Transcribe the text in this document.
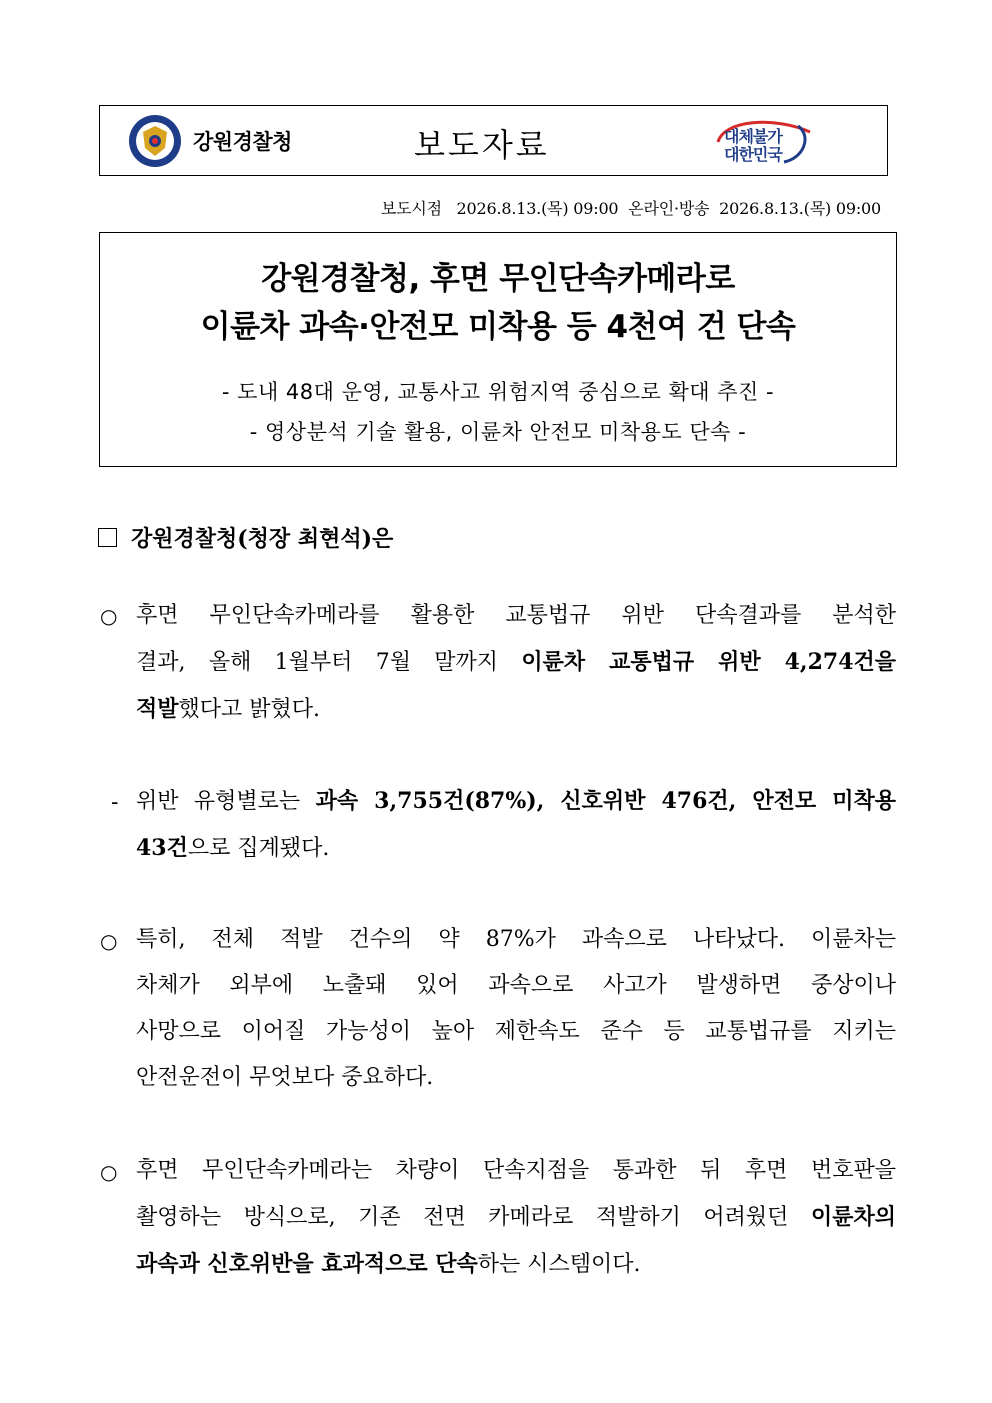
강원경찰청	보도자료	대체불가
대한민국
보도시점 2026.8.13.(목) 09:00 온라인·방송 2026.8.13.(목) 09:00
강원경찰청, 후면 무인단속카메라로
이륜차 과속·안전모 미착용 등 4천여 건 단속
- 도내 48대 운영, 교통사고 위험지역 중심으로 확대 추진 -
- 영상분석 기술 활용, 이륜차 안전모 미착용도 단속 -
강원경찰청(청장 최현석)은
○ 후면 무인단속카메라를 활용한 교통법규 위반 단속결과를 분석한
결과, 올해 1월부터 7월 말까지 이륜차 교통법규 위반 4,274건을
적발했다고 밝혔다.
- 위반 유형별로는 과속 3,755건(87%), 신호위반 476건, 안전모 미착용
43건으로 집계됐다.
○ 특히, 전체 적발 건수의 약 87%가 과속으로 나타났다. 이륜차는
차체가 외부에 노출돼 있어 과속으로 사고가 발생하면 중상이나
사망으로 이어질 가능성이 높아 제한속도 준수 등 교통법규를 지키는
안전운전이 무엇보다 중요하다.
○ 후면 무인단속카메라는 차량이 단속지점을 통과한 뒤 후면 번호판을
촬영하는 방식으로, 기존 전면 카메라로 적발하기 어려웠던 이륜차의
과속과 신호위반을 효과적으로 단속하는 시스템이다.
